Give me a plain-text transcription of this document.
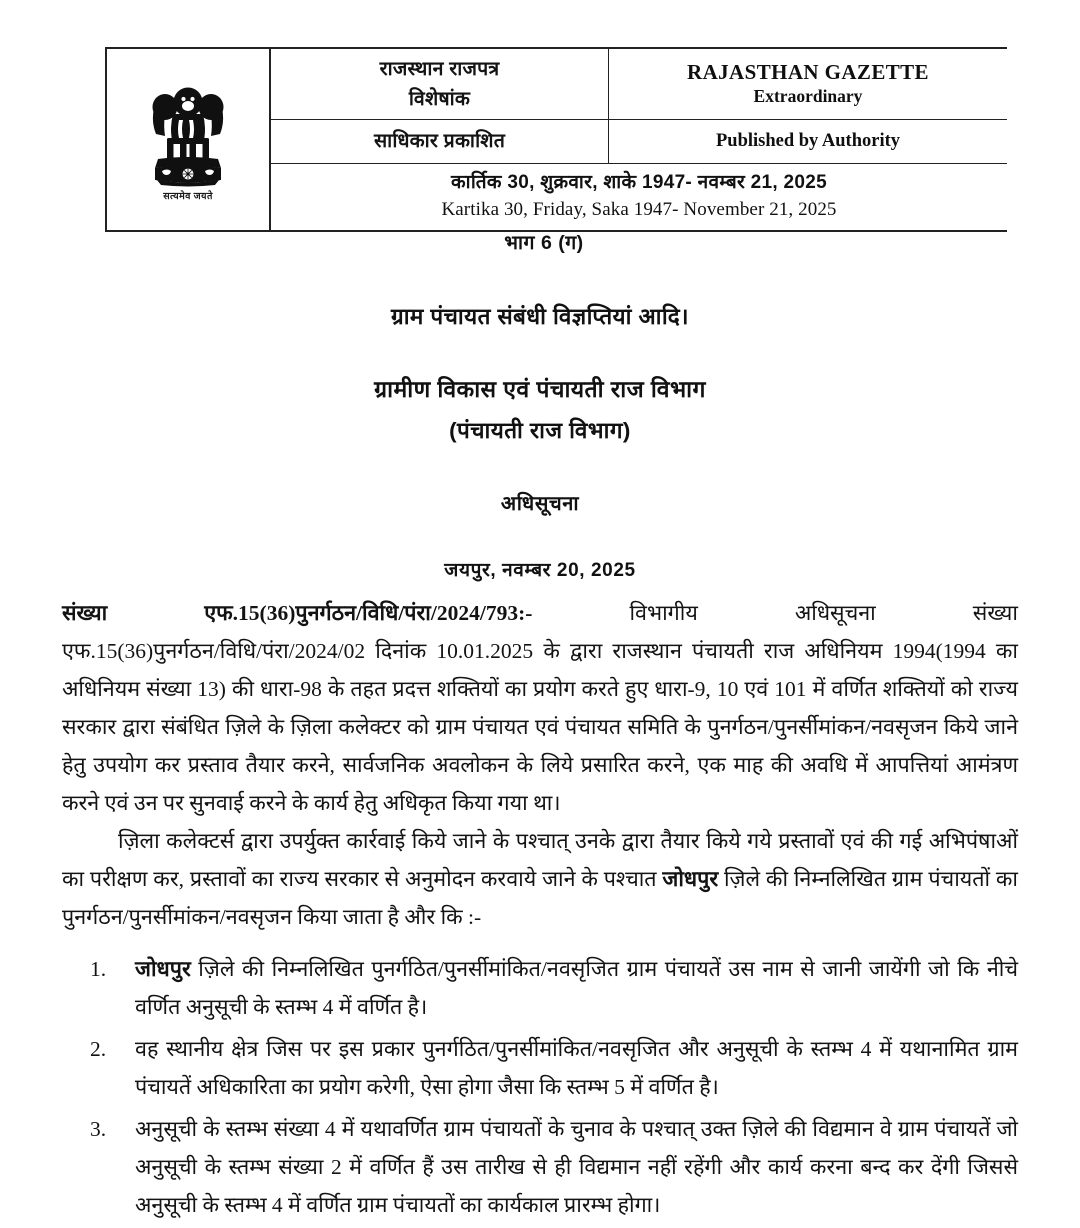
सत्यमेव जयते
राजस्थान राजपत्र
विशेषांक
RAJASTHAN GAZETTE
Extraordinary
साधिकार प्रकाशित	Published by Authority
कार्तिक 30, शुक्रवार, शाके 1947- नवम्बर 21, 2025
Kartika 30, Friday, Saka 1947- November 21, 2025
भाग 6 (ग)
ग्राम पंचायत संबंधी विज्ञप्तियां आदि।
ग्रामीण विकास एवं पंचायती राज विभाग
(पंचायती राज विभाग)
अधिसूचना
जयपुर, नवम्बर 20, 2025
संख्या	एफ.15(36)पुनर्गठन/विधि/पंरा/2024/793:-	विभागीय	अधिसूचना	संख्या

एफ.15(36)पुनर्गठन/विधि/पंरा/2024/02 दिनांक 10.01.2025 के द्वारा राजस्थान पंचायती राज अधिनियम 1994(1994 का अधिनियम संख्या 13) की धारा-98 के तहत प्रदत्त शक्तियों का प्रयोग करते हुए धारा-9, 10 एवं 101 में वर्णित शक्तियों को राज्य सरकार द्वारा संबंधित ज़िले के ज़िला कलेक्टर को ग्राम पंचायत एवं पंचायत समिति के पुनर्गठन/पुनर्सीमांकन/नवसृजन किये जाने हेतु उपयोग कर प्रस्ताव तैयार करने, सार्वजनिक अवलोकन के लिये प्रसारित करने, एक माह की अवधि में आपत्तियां आमंत्रण करने एवं उन पर सुनवाई करने के कार्य हेतु अधिकृत किया गया था।

ज़िला कलेक्टर्स द्वारा उपर्युक्त कार्रवाई किये जाने के पश्चात् उनके द्वारा तैयार किये गये प्रस्तावों एवं की गई अभिपंषाओं का परीक्षण कर, प्रस्तावों का राज्य सरकार से अनुमोदन करवाये जाने के पश्चात जोधपुर ज़िले की निम्नलिखित ग्राम पंचायतों का पुनर्गठन/पुनर्सीमांकन/नवसृजन किया जाता है और कि :-

1. जोधपुर ज़िले की निम्नलिखित पुनर्गठित/पुनर्सीमांकित/नवसृजित ग्राम पंचायतें उस नाम से जानी जायेंगी जो कि नीचे वर्णित अनुसूची के स्तम्भ 4 में वर्णित है।
2. वह स्थानीय क्षेत्र जिस पर इस प्रकार पुनर्गठित/पुनर्सीमांकित/नवसृजित और अनुसूची के स्तम्भ 4 में यथानामित ग्राम पंचायतें अधिकारिता का प्रयोग करेगी, ऐसा होगा जैसा कि स्तम्भ 5 में वर्णित है।
3. अनुसूची के स्तम्भ संख्या 4 में यथावर्णित ग्राम पंचायतों के चुनाव के पश्चात् उक्त ज़िले की विद्यमान वे ग्राम पंचायतें जो अनुसूची के स्तम्भ संख्या 2 में वर्णित हैं उस तारीख से ही विद्यमान नहीं रहेंगी और कार्य करना बन्द कर देंगी जिससे अनुसूची के स्तम्भ 4 में वर्णित ग्राम पंचायतों का कार्यकाल प्रारम्भ होगा।
